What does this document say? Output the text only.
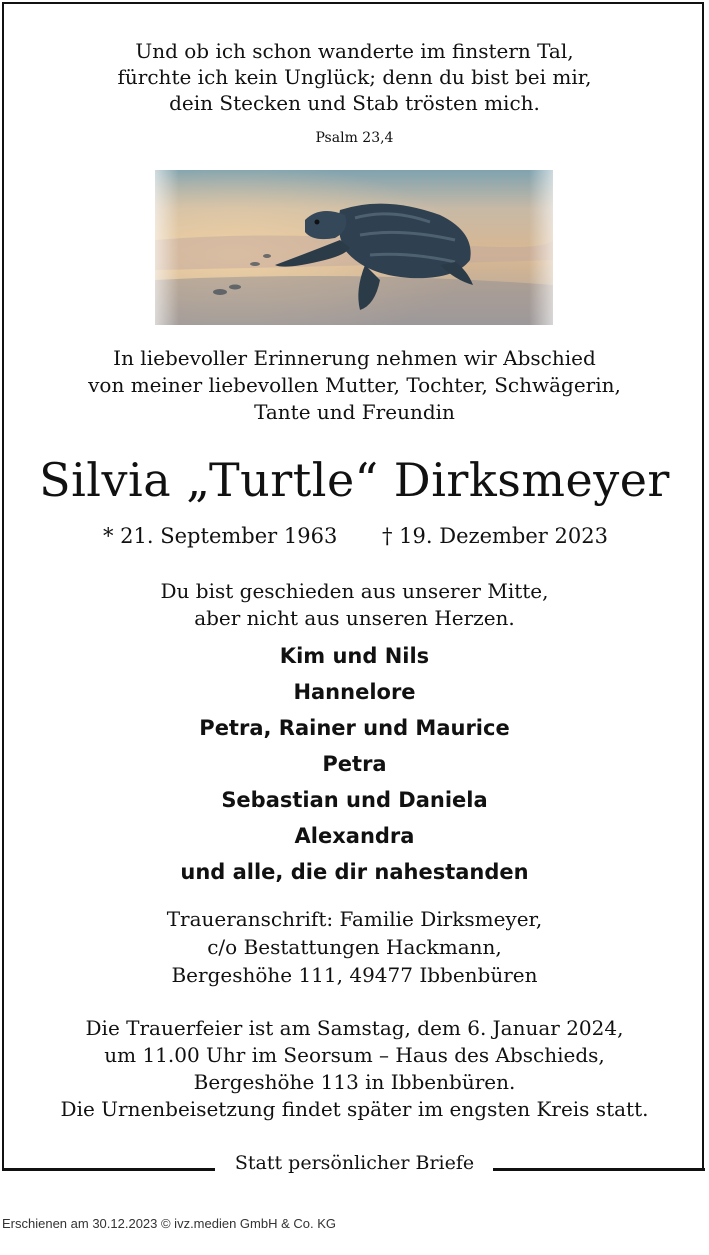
Und ob ich schon wanderte im finstern Tal,
fürchte ich kein Unglück; denn du bist bei mir,
dein Stecken und Stab trösten mich.
Psalm 23,4
In liebevoller Erinnerung nehmen wir Abschied
von meiner liebevollen Mutter, Tochter, Schwägerin,
Tante und Freundin
Silvia „Turtle“ Dirksmeyer
* 21. September 1963 † 19. Dezember 2023
Du bist geschieden aus unserer Mitte,
aber nicht aus unseren Herzen.
Kim und Nils
Hannelore
Petra, Rainer und Maurice
Petra
Sebastian und Daniela
Alexandra
und alle, die dir nahestanden
Traueranschrift: Familie Dirksmeyer,
c/o Bestattungen Hackmann,
Bergeshöhe 111, 49477 Ibbenbüren
Die Trauerfeier ist am Samstag, dem 6. Januar 2024,
um 11.00 Uhr im Seorsum – Haus des Abschieds,
Bergeshöhe 113 in Ibbenbüren.
Die Urnenbeisetzung findet später im engsten Kreis statt.
Statt persönlicher Briefe
Erschienen am 30.12.2023 © ivz.medien GmbH & Co. KG
